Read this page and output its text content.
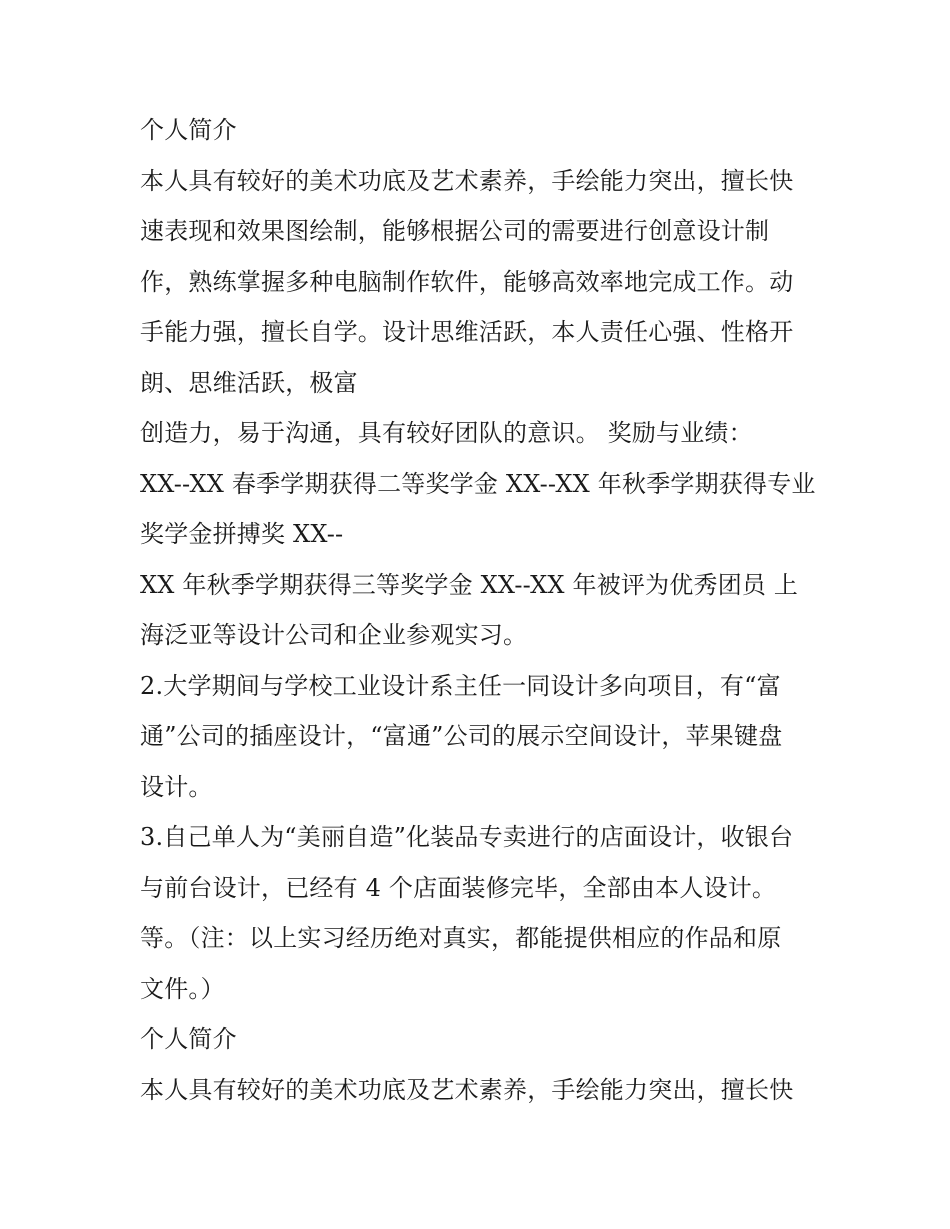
个人简介
本人具有较好的美术功底及艺术素养，手绘能力突出，擅长快
速表现和效果图绘制，能够根据公司的需要进行创意设计制
作，熟练掌握多种电脑制作软件，能够高效率地完成工作。动
手能力强，擅长自学。设计思维活跃，本人责任心强、性格开
朗、思维活跃，极富
创造力，易于沟通，具有较好团队的意识。 奖励与业绩：
XX--XX 春季学期获得二等奖学金 XX--XX 年秋季学期获得专业
奖学金拼搏奖 XX--
XX 年秋季学期获得三等奖学金 XX--XX 年被评为优秀团员 上
海泛亚等设计公司和企业参观实习。
2.大学期间与学校工业设计系主任一同设计多向项目，有“富
通”公司的插座设计，“富通”公司的展示空间设计，苹果键盘
设计。
3.自己单人为“美丽自造”化装品专卖进行的店面设计，收银台
与前台设计，已经有 4 个店面装修完毕，全部由本人设计。
等。（注：以上实习经历绝对真实，都能提供相应的作品和原
文件。）
个人简介
本人具有较好的美术功底及艺术素养，手绘能力突出，擅长快
